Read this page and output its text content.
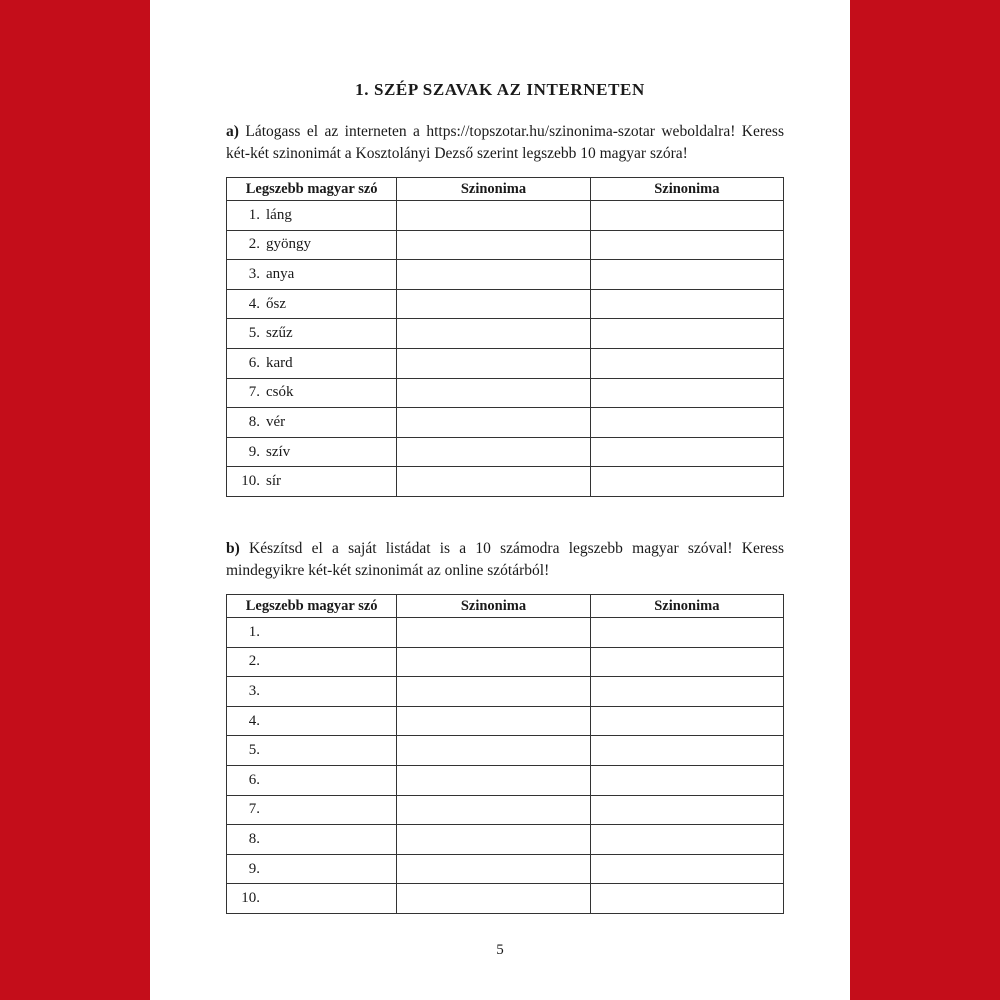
1. SZÉP SZAVAK AZ INTERNETEN

a) Látogass el az interneten a https://topszotar.hu/szinonima-szotar weboldalra! Keress két-két szinonimát a Kosztolányi Dezső szerint legszebb 10 magyar szóra!

Legszebb magyar szó	Szinonima	Szinonima
1. láng		
2. gyöngy		
3. anya		
4. ősz		
5. szűz		
6. kard		
7. csók		
8. vér		
9. szív		
10. sír		

b) Készítsd el a saját listádat is a 10 számodra legszebb magyar szóval! Keress mindegyikre két-két szinonimát az online szótárból!

Legszebb magyar szó	Szinonima	Szinonima
1.		
2.		
3.		
4.		
5.		
6.		
7.		
8.		
9.		
10.		

5
